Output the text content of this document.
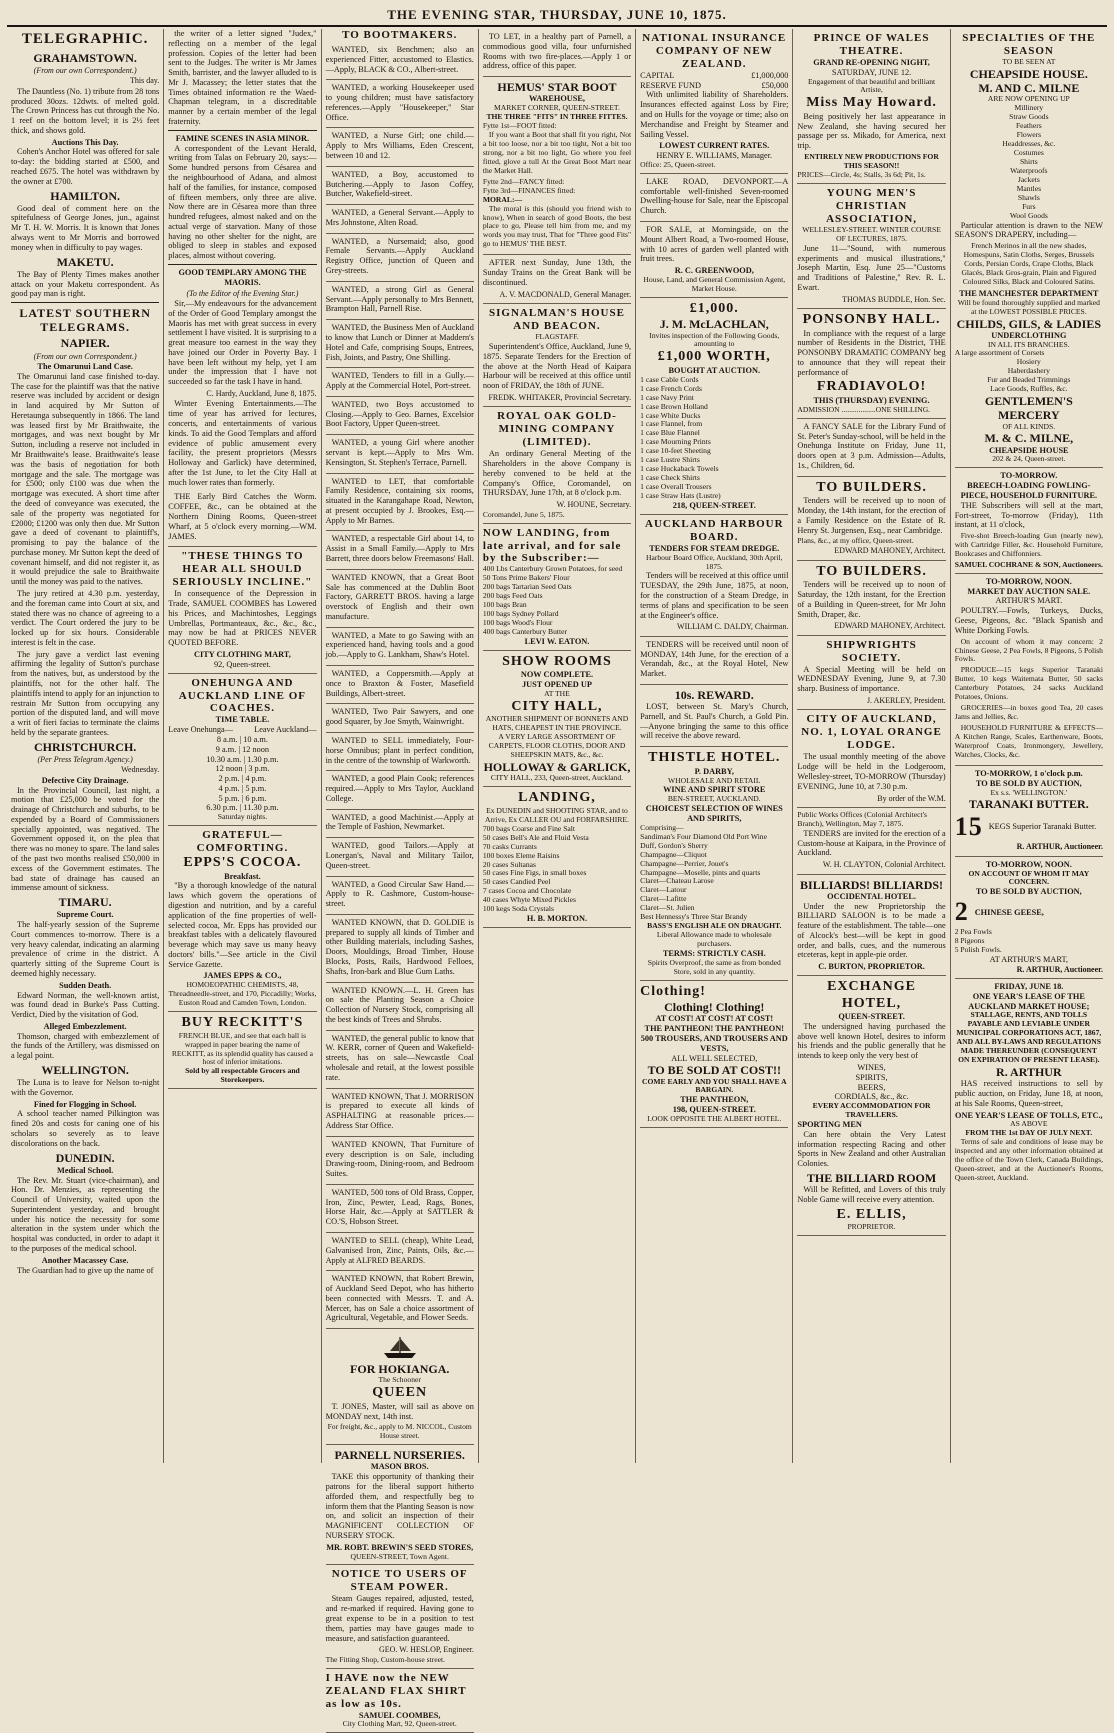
THE EVENING STAR, THURSDAY, JUNE 10, 1875.
TELEGRAPHIC.
GRAHAMSTOWN.
(From our own Correspondent.)
This day.

The Dauntless (No. 1) tribute from 28 tons produced 30ozs. 12dwts. of melted gold. The Crown Princess has cut through the No. 1 reef on the bottom level; it is 2½ feet thick, and shows gold.

Auctions This Day.

Cohen's Anchor Hotel was offered for sale to-day: the bidding started at £500, and reached £675. The hotel was withdrawn by the owner at £700.

HAMILTON.

Good deal of comment here on the spitefulness of George Jones, jun., against Mr T. H. W. Morris. It is known that Jones always went to Mr Morris and borrowed money when in difficulty to pay wages.

MAKETU.

The Bay of Plenty Times makes another attack on your Maketu correspondent. As good pay man is right.

LATEST SOUTHERN TELEGRAMS.
NAPIER.
(From our own Correspondent.)
The Omarunui Land Case.

The Omarunui land case finished to-day. The case for the plaintiff was that the native reserve was included by accident or design in land acquired by Mr Sutton of Heretaunga subsequently in 1866. The land was leased first by Mr Braithwaite, the mortgages, and was next bought by Mr Sutton, including a reserve not included in Mr Braithwaite's lease. Braithwaite's lease was the basis of negotiation for both mortgage and the sale. The mortgage was for £500; only £100 was due when the mortgage was executed. A short time after the deed of conveyance was executed, the sale of the property was negotiated for £2000; £1200 was only then due. Mr Sutton gave a deed of covenant to plaintiff's, promising to pay the balance of the purchase money. Mr Sutton kept the deed of covenant himself, and did not register it, as it would prejudice the sale to Braithwaite until the money was paid to the natives.

The jury retired at 4.30 p.m. yesterday, and the foreman came into Court at six, and stated there was no chance of agreeing to a verdict. The Court ordered the jury to be locked up for six hours. Considerable interest is felt in the case.

The jury gave a verdict last evening affirming the legality of Sutton's purchase from the natives, but, as understood by the plaintiffs, not for the other half. The plaintiffs intend to apply for an injunction to restrain Mr Sutton from occupying any portion of the disputed land, and will move a writ of fieri facias to terminate the claims held by the separate grantees.

CHRISTCHURCH.
(Per Press Telegram Agency.)
Wednesday.
Defective City Drainage.

In the Provincial Council, last night, a motion that £25,000 be voted for the drainage of Christchurch and suburbs, to be expended by a Board of Commissioners specially appointed, was negatived. The Government opposed it, on the plea that there was no money to spare. The land sales of the past two months realised £50,000 in excess of the Government estimates. The bad state of drainage has caused an immense amount of sickness.

TIMARU.
Supreme Court.

The half-yearly session of the Supreme Court commences to-morrow. There is a very heavy calendar, indicating an alarming prevalence of crime in the district. A quarterly sitting of the Supreme Court is deemed highly necessary.

Sudden Death.

Edward Norman, the well-known artist, was found dead in Burke's Pass Cutting. Verdict, Died by the visitation of God.

Alleged Embezzlement.

Thomson, charged with embezzlement of the funds of the Artillery, was dismissed on a legal point.

WELLINGTON.

The Luna is to leave for Nelson to-night with the Governor.

Fined for Flogging in School.

A school teacher named Pilkington was fined 20s and costs for caning one of his scholars so severely as to leave discolorations on the back.

DUNEDIN.
Medical School.

The Rev. Mr. Stuart (vice-chairman), and Hon. Dr. Menzies, as representing the Council of University, waited upon the Superintendent yesterday, and brought under his notice the necessity for some alteration in the system under which the hospital was conducted, in order to adapt it to the purposes of the medical school.

Another Macassey Case.

The Guardian had to give up the name of

the writer of a letter signed "Judex," reflecting on a member of the legal profession. Copies of the letter had been sent to the Judges. The writer is Mr James Smith, barrister, and the lawyer alluded to is Mr J. Macassey; the letter states that the Times obtained information re the Waed-Chapman telegram, in a discreditable manner by a certain member of the legal fraternity.

FAMINE SCENES IN ASIA MINOR.

A correspondent of the Levant Herald, writing from Talas on February 20, says:— Some hundred persons from Césarea and the neighbourhood of Adana, and almost half of the families, for instance, composed of fifteen members, only three are alive. Now there are in Césarea more than three hundred refugees, almost naked and on the actual verge of starvation. Many of those having no other shelter for the night, are obliged to sleep in stables and exposed places, almost without covering.

GOOD TEMPLARY AMONG THE MAORIS.
(To the Editor of the Evening Star.)

Sir,—My endeavours for the advancement of the Order of Good Templary amongst the Maoris has met with great success in every settlement I have visited. It is surprising to a great measure too earnest in the way they have joined our Order in Poverty Bay. I have been left without my help, yet I am under the impression that I have not succeeded so far the task I have in hand.

C. Hardy, Auckland, June 8, 1875.

Winter Evening Entertainments.—The time of year has arrived for lectures, concerts, and entertainments of various kinds. To aid the Good Templars and afford evidence of public amusement every facility, the present proprietors (Messrs Holloway and Garlick) have determined, after the 1st June, to let the City Hall at much lower rates than formerly.

THE Early Bird Catches the Worm. COFFEE, &c., can be obtained at the Northern Dining Rooms, Queen-street Wharf, at 5 o'clock every morning.—WM. JAMES.

"THESE THINGS TO HEAR ALL SHOULD SERIOUSLY INCLINE."

In consequence of the Depression in Trade, SAMUEL COOMBES has Lowered his Prices, and Machintoshes, Leggings Umbrellas, Portmanteaux, &c., &c., &c., may now be had at PRICES NEVER QUOTED BEFORE.

CITY CLOTHING MART,
92, Queen-street.
ONEHUNGA AND AUCKLAND LINE OF COACHES.
TIME TABLE.
Leave Onehunga—	Leave Auckland—
8 a.m. | 10 a.m.
9 a.m. | 12 noon
10.30 a.m. | 1.30 p.m.
12 noon | 3 p.m.
2 p.m. | 4 p.m.
4 p.m. | 5 p.m.
5 p.m. | 6 p.m.
6.30 p.m. | 11.30 p.m.
Saturday nights.
GRATEFUL—COMFORTING.
EPPS'S COCOA.
Breakfast.

"By a thorough knowledge of the natural laws which govern the operations of digestion and nutrition, and by a careful application of the fine properties of well-selected cocoa, Mr. Epps has provided our breakfast tables with a delicately flavoured beverage which may save us many heavy doctors' bills."—See article in the Civil Service Gazette.

JAMES EPPS & CO.,
HOMOEOPATHIC CHEMISTS, 48, Threadneedle-street, and 170, Piccadilly; Works, Euston Road and Camden Town, London.
BUY RECKITT'S
FRENCH BLUE, and see that each ball is wrapped in paper bearing the name of RECKITT, as its splendid quality has caused a host of inferior imitations.
Sold by all respectable Grocers and Storekeepers.
TO BOOTMAKERS.

WANTED, six Benchmen; also an experienced Fitter, accustomed to Elastics.—Apply, BLACK & CO., Albert-street.

WANTED, a working Housekeeper used to young children; must have satisfactory references.—Apply "Housekeeper," Star Office.

WANTED, a Nurse Girl; one child.—Apply to Mrs Williams, Eden Crescent, between 10 and 12.

WANTED, a Boy, accustomed to Butchering.—Apply to Jason Coffey, Butcher, Wakefield-street.

WANTED, a General Servant.—Apply to Mrs Johnstone, Alten Road.

WANTED, a Nursemaid; also, good Female Servants.—Apply Auckland Registry Office, junction of Queen and Grey-streets.

WANTED, a strong Girl as General Servant.—Apply personally to Mrs Bennett, Brampton Hall, Parnell Rise.

WANTED, the Business Men of Auckland to know that Lunch or Dinner at Maddern's Hotel and Cafe, comprising Soups, Entrees, Fish, Joints, and Pastry, One Shilling.

WANTED, Tenders to fill in a Gully.—Apply at the Commercial Hotel, Port-street.

WANTED, two Boys accustomed to Closing.—Apply to Geo. Barnes, Excelsior Boot Factory, Upper Queen-street.

WANTED, a young Girl where another servant is kept.—Apply to Mrs Wm. Kensington, St. Stephen's Terrace, Parnell.

WANTED to LET, that comfortable Family Residence, containing six rooms, situated in the Karangahape Road, Newton, at present occupied by J. Brookes, Esq.—Apply to Mr Barnes.

WANTED, a respectable Girl about 14, to Assist in a Small Family.—Apply to Mrs Barrett, three doors below Freemasons' Hall.

WANTED KNOWN, that a Great Boot Sale has commenced at the Dublin Boot Factory, GARRETT BROS. having a large overstock of English and their own manufacture.

WANTED, a Mate to go Sawing with an experienced hand, having tools and a good job.—Apply to G. Lankham, Shaw's Hotel.

WANTED, a Coppersmith.—Apply at once to Braxton & Foster, Masefield Buildings, Albert-street.

WANTED, Two Pair Sawyers, and one good Squarer, by Joe Smyth, Wainwright.

WANTED to SELL immediately, Four-horse Omnibus; plant in perfect condition, in the centre of the township of Warkworth.

WANTED, a good Plain Cook; references required.—Apply to Mrs Taylor, Auckland College.

WANTED, a good Machinist.—Apply at the Temple of Fashion, Newmarket.

WANTED, good Tailors.—Apply at Lonergan's, Naval and Military Tailor, Queen-street.

WANTED, a Good Circular Saw Hand.—Apply to R. Cashmore, Custom-house-street.

WANTED KNOWN, that D. GOLDIE is prepared to supply all kinds of Timber and other Building materials, including Sashes, Doors, Mouldings, Broad Timber, House Blocks, Posts, Rails, Hardwood Felloes, Shafts, Iron-bark and Blue Gum Laths.

WANTED KNOWN.—L. H. Green has on sale the Planting Season a Choice Collection of Nursery Stock, comprising all the best kinds of Trees and Shrubs.

WANTED, the general public to know that W. KERR, corner of Queen and Wakefield-streets, has on sale—Newcastle Coal wholesale and retail, at the lowest possible rate.

WANTED KNOWN, That J. MORRISON is prepared to execute all kinds of ASPHALTING at reasonable prices.—Address Star Office.

WANTED KNOWN, That Furniture of every description is on Sale, including Drawing-room, Dining-room, and Bedroom Suites.

WANTED, 500 tons of Old Brass, Copper, Iron, Zinc, Pewter, Lead, Rags, Bones, Horse Hair, &c.—Apply at SATTLER & CO.'S, Hobson Street.

WANTED to SELL (cheap), White Lead, Galvanised Iron, Zinc, Paints, Oils, &c.—Apply at ALFRED BEARDS.

WANTED KNOWN, that Robert Brewin, of Auckland Seed Depot, who has hitherto been connected with Messrs. T. and A. Mercer, has on Sale a choice assortment of Agricultural, Vegetable, and Flower Seeds.

FOR HOKIANGA.
The Schooner
QUEEN

T. JONES, Master, will sail as above on MONDAY next, 14th inst.

For freight, &c., apply to M. NICCOL, Custom House street.
PARNELL NURSERIES.
MASON BROS.

TAKE this opportunity of thanking their patrons for the liberal support hitherto afforded them, and respectfully beg to inform them that the Planting Season is now on, and solicit an inspection of their MAGNIFICENT COLLECTION OF NURSERY STOCK.

MR. ROBT. BREWIN'S SEED STORES,
QUEEN-STREET, Town Agent.
NOTICE TO USERS OF STEAM POWER.

Steam Gauges repaired, adjusted, tested, and re-marked if required. Having gone to great expense to be in a position to test them, parties may have gauges made to measure, and satisfaction guaranteed.

GEO. W. HESLOP, Engineer.
The Fitting Shop, Custom-house street.
I HAVE now the NEW ZEALAND FLAX SHIRT as low as 10s.
SAMUEL COOMBES,
City Clothing Mart, 92, Queen-street.

TO LET, in a healthy part of Parnell, a commodious good villa, four unfurnished Rooms with two fire-places.—Apply 1 or address, office of this paper.

HEMUS' STAR BOOT
WAREHOUSE,
MARKET CORNER, QUEEN-STREET.
THE THREE "FITS" IN THREE FITTES.
Fytte 1st—FOOT fitted:

If you want a Boot that shall fit you right, Not a bit too loose, nor a bit too tight, Not a bit too strong, nor a bit too light, Go where you feel fitted, glove a tull At the Great Boot Mart near the Market Hall.

Fytte 2nd—FANCY fitted:
Fytte 3rd—FINANCES fitted:
MORAL:—

The moral is this (should you friend wish to know), When in search of good Boots, the best place to go, Please tell him from me, and my words you may trust, That for "Three good Fits" go to HEMUS' THE BEST.

AFTER next Sunday, June 13th, the Sunday Trains on the Great Bank will be discontinued.

A. V. MACDONALD, General Manager.
SIGNALMAN'S HOUSE AND BEACON.
FLAGSTAFF.

Superintendent's Office, Auckland, June 9, 1875. Separate Tenders for the Erection of the above at the North Head of Kaipara Harbour will be received at this office until noon of FRIDAY, the 18th of JUNE.

FREDK. WHITAKER, Provincial Secretary.
ROYAL OAK GOLD-MINING COMPANY (LIMITED).

An ordinary General Meeting of the Shareholders in the above Company is hereby convened to be held at the Company's Office, Coromandel, on THURSDAY, June 17th, at 8 o'clock p.m.

W. HOUNE, Secretary.
Coromandel, June 5, 1875.
NOW LANDING, from late arrival, and for sale by the Subscriber:—
400 Lbs Canterbury Grown Potatoes, for seed
50 Tons Prime Bakers' Flour
200 bags Tartarian Seed Oats
200 bags Feed Oats
100 bags Bran
100 bags Sydney Pollard
100 bags Wood's Flour
400 bags Canterbury Butter
LEVI W. EATON.
SHOW ROOMS
NOW COMPLETE.
JUST OPENED UP
AT THE
CITY HALL,
ANOTHER SHIPMENT OF BONNETS AND HATS, CHEAPEST IN THE PROVINCE.
A VERY LARGE ASSORTMENT OF CARPETS, FLOOR CLOTHS, DOOR AND SHEEPSKIN MATS, &c., &c.
HOLLOWAY & GARLICK,
CITY HALL, 233, Queen-street, Auckland.
LANDING,
Ex DUNEDIN and SHOOTING STAR, and to Arrive, Ex CALLER OU and FORFARSHIRE.
700 bags Coarse and Fine Salt
50 cases Bell's Ale and Fluid Vesta
70 casks Currants
100 boxes Eleme Raisins
20 cases Sultanas
50 cases Fine Figs, in small boxes
50 cases Candied Peel
7 cases Cocoa and Chocolate
40 cases Whyte Mixed Pickles
100 kegs Soda Crystals
H. B. MORTON.
NATIONAL INSURANCE COMPANY OF NEW ZEALAND.
CAPITAL	£1,000,000
RESERVE FUND	£50,000

With unlimited liability of Shareholders. Insurances effected against Loss by Fire; and on Hulls for the voyage or time; also on Merchandise and Freight by Steamer and Sailing Vessel.

LOWEST CURRENT RATES.
HENRY E. WILLIAMS, Manager.
Office: 25, Queen-street.

LAKE ROAD, DEVONPORT.—A comfortable well-finished Seven-roomed Dwelling-house for Sale, near the Episcopal Church.

FOR SALE, at Morningside, on the Mount Albert Road, a Two-roomed House, with 10 acres of garden well planted with fruit trees.

R. C. GREENWOOD,
House, Land, and General Commission Agent, Market House.
£1,000.
J. M. McLACHLAN,
Invites inspection of the Following Goods, amounting to
£1,000 WORTH,
BOUGHT AT AUCTION.
1 case Cable Cords
1 case French Cords
1 case Navy Print
1 case Brown Holland
1 case White Ducks
1 case Flannel, from
1 case Blue Flannel
1 case Mourning Prints
1 case 10-feet Sheeting
1 case Lustre Shirts
1 case Huckaback Towels
1 case Check Shirts
1 case Overall Trousers
1 case Straw Hats (Lustre)
218, QUEEN-STREET.
AUCKLAND HARBOUR BOARD.
TENDERS FOR STEAM DREDGE.
Harbour Board Office, Auckland, 30th April, 1875.

Tenders will be received at this office until TUESDAY, the 29th June, 1875, at noon, for the construction of a Steam Dredge, in terms of plans and specification to be seen at the Engineer's office.

WILLIAM C. DALDY, Chairman.

TENDERS will be received until noon of MONDAY, 14th June, for the erection of a Verandah, &c., at the Royal Hotel, New Market.

10s. REWARD.

LOST, between St. Mary's Church, Parnell, and St. Paul's Church, a Gold Pin.—Anyone bringing the same to this office will receive the above reward.

THISTLE HOTEL.
P. DARBY,
WHOLESALE AND RETAIL
WINE AND SPIRIT STORE
BEN-STREET, AUCKLAND.
CHOICEST SELECTION OF WINES AND SPIRITS,
Comprising—
Sandiman's Four Diamond Old Port Wine
Duff, Gordon's Sherry
Champagne—Cliquot
Champagne—Perrier, Jouet's
Champagne—Moselle, pints and quarts
Claret—Chateau Larose
Claret—Latour
Claret—Lafitte
Claret—St. Julien
Best Hennessy's Three Star Brandy
BASS'S ENGLISH ALE ON DRAUGHT.
Liberal Allowance made to wholesale purchasers.
TERMS: STRICTLY CASH.
Spirits Overproof, the same as from bonded Store, sold in any quantity.
Clothing!
Clothing! Clothing!
AT COST! AT COST! AT COST!
THE PANTHEON! THE PANTHEON!
500 TROUSERS, AND TROUSERS AND VESTS,
ALL WELL SELECTED,
TO BE SOLD AT COST!!
COME EARLY AND YOU SHALL HAVE A BARGAIN.
THE PANTHEON,
198, QUEEN-STREET.
LOOK OPPOSITE THE ALBERT HOTEL.
PRINCE OF WALES THEATRE.
GRAND RE-OPENING NIGHT,
SATURDAY, JUNE 12.
Engagement of that beautiful and brilliant Artiste,
Miss May Howard.

Being positively her last appearance in New Zealand, she having secured her passage per ss. Mikado, for America, next trip.

ENTIRELY NEW PRODUCTIONS FOR THIS SEASON!!
PRICES—Circle, 4s; Stalls, 3s 6d; Pit, 1s.
YOUNG MEN'S CHRISTIAN ASSOCIATION,
WELLESLEY-STREET. WINTER COURSE OF LECTURES, 1875.

June 11—"Sound, with numerous experiments and musical illustrations," Joseph Martin, Esq. June 25—"Customs and Traditions of Palestine," Rev. R. L. Ewart.

THOMAS BUDDLE, Hon. Sec.
PONSONBY HALL.

In compliance with the request of a large number of Residents in the District, THE PONSONBY DRAMATIC COMPANY beg to announce that they will repeat their performance of

FRADIAVOLO!
THIS (THURSDAY) EVENING.
ADMISSION ..................ONE SHILLING.

A FANCY SALE for the Library Fund of St. Peter's Sunday-school, will be held in the Onehunga Institute on Friday, June 11, doors open at 3 p.m. Admission—Adults, 1s., Children, 6d.

TO BUILDERS.

Tenders will be received up to noon of Monday, the 14th instant, for the erection of a Family Residence on the Estate of R. Henry St. Jurgensen, Esq., near Cambridge.

Plans, &c., at my office, Queen-street.
EDWARD MAHONEY, Architect.
TO BUILDERS.

Tenders will be received up to noon of Saturday, the 12th instant, for the Erection of a Building in Queen-street, for Mr John Smith, Draper, &c.

EDWARD MAHONEY, Architect.
SHIPWRIGHTS SOCIETY.

A Special Meeting will be held on WEDNESDAY Evening, June 9, at 7.30 sharp. Business of importance.

J. AKERLEY, President.
CITY OF AUCKLAND, NO. 1, LOYAL ORANGE LODGE.

The usual monthly meeting of the above Lodge will be held in the Lodgeroom, Wellesley-street, TO-MORROW (Thursday) EVENING, June 10, at 7.30 p.m.

By order of the W.M.
Public Works Offices (Colonial Architect's Branch), Wellington, May 7, 1875.

TENDERS are invited for the erection of a Custom-house at Kaipara, in the Province of Auckland.

W. H. CLAYTON, Colonial Architect.
BILLIARDS! BILLIARDS!
OCCIDENTAL HOTEL.

Under the new Proprietorship the BILLIARD SALOON is to be made a feature of the establishment. The table—one of Alcock's best—will be kept in good order, and balls, cues, and the numerous etceteras, kept in apple-pie order.

C. BURTON, PROPRIETOR.
EXCHANGE HOTEL,
QUEEN-STREET.

The undersigned having purchased the above well known Hotel, desires to inform his friends and the public generally that he intends to keep only the very best of

WINES,
SPIRITS,
BEERS,
CORDIALS, &c., &c.
EVERY ACCOMMODATION FOR TRAVELLERS.
SPORTING MEN

Can here obtain the Very Latest information respecting Racing and other Sports in New Zealand and other Australian Colonies.

THE BILLIARD ROOM

Will be Refitted, and Lovers of this truly Noble Game will receive every attention.

E. ELLIS,
PROPRIETOR.
SPECIALTIES OF THE SEASON
TO BE SEEN AT
CHEAPSIDE HOUSE.
M. AND C. MILNE
ARE NOW OPENING UP
Millinery
Straw Goods
Feathers
Flowers
Headdresses, &c.
Costumes
Shirts
Waterproofs
Jackets
Mantles
Shawls
Furs
Wool Goods

Particular attention is drawn to the NEW SEASON'S DRAPERY, including—

French Merinos in all the new shades, Homespuns, Satin Cloths, Serges, Brussels Cords, Persian Cords, Crape Cloths, Black Glacés, Black Gros-grain, Plain and Figured Coloured Silks, Black and Coloured Satins.

THE MANCHESTER DEPARTMENT
Will be found thoroughly supplied and marked at the LOWEST POSSIBLE PRICES.
CHILDS, GILS, & LADIES
UNDERCLOTHING
IN ALL ITS BRANCHES.
A large assortment of Corsets
Hosiery
Haberdashery
Fur and Beaded Trimmings
Lace Goods, Ruffles, &c.
GENTLEMEN'S MERCERY
OF ALL KINDS.
M. & C. MILNE,
CHEAPSIDE HOUSE
202 & 24, Queen-street.
TO-MORROW.
BREECH-LOADING FOWLING-PIECE, HOUSEHOLD FURNITURE.

THE Subscribers will sell at the mart, Fort-street, To-morrow (Friday), 11th instant, at 11 o'clock,

Five-shot Breech-loading Gun (nearly new), with Cartridge Filler, &c. Household Furniture, Bookcases and Chiffonniers.

SAMUEL COCHRANE & SON, Auctioneers.
TO-MORROW, NOON.
MARKET DAY AUCTION SALE.
ARTHUR'S MART.

POULTRY.—Fowls, Turkeys, Ducks, Geese, Pigeons, &c. "Black Spanish and White Dorking Fowls.

On account of whom it may concern: 2 Chinese Geese, 2 Pea Fowls, 8 Pigeons, 5 Polish Fowls.

PRODUCE—15 kegs Superior Taranaki Butter, 10 kegs Waitemata Butter, 50 sacks Canterbury Potatoes, 24 sacks Auckland Potatoes, Onions.

GROCERIES—in boxes good Tea, 20 cases Jams and Jellies, &c.

HOUSEHOLD FURNITURE & EFFECTS—A Kitchen Range, Scales, Earthenware, Boots, Waterproof Coats, Ironmongery, Jewellery, Watches, Clocks, &c.

TO-MORROW, 1 o'clock p.m.
TO BE SOLD BY AUCTION,
Ex s.s. 'WELLINGTON.'
TARANAKI BUTTER.
15 KEGS Superior Taranaki Butter.
R. ARTHUR, Auctioneer.
TO-MORROW, NOON.
ON ACCOUNT OF WHOM IT MAY CONCERN.
TO BE SOLD BY AUCTION,
2 CHINESE GEESE,
2 Pea Fowls
8 Pigeons
5 Polish Fowls.
AT ARTHUR'S MART,
R. ARTHUR, Auctioneer.
FRIDAY, JUNE 18.
ONE YEAR'S LEASE OF THE AUCKLAND MARKET HOUSE;
STALLAGE, RENTS, AND TOLLS PAYABLE AND LEVIABLE UNDER MUNICIPAL CORPORATIONS ACT, 1867, AND ALL BY-LAWS AND REGULATIONS MADE THEREUNDER (CONSEQUENT ON EXPIRATION OF PRESENT LEASE).
R. ARTHUR

HAS received instructions to sell by public auction, on Friday, June 18, at noon, at his Sale Rooms, Queen-street,

ONE YEAR'S LEASE OF TOLLS, ETC.,
AS ABOVE
FROM THE 1st DAY OF JULY NEXT.

Terms of sale and conditions of lease may be inspected and any other information obtained at the office of the Town Clerk, Canada Buildings, Queen-street, and at the Auctioneer's Rooms, Queen-street, Auckland.
